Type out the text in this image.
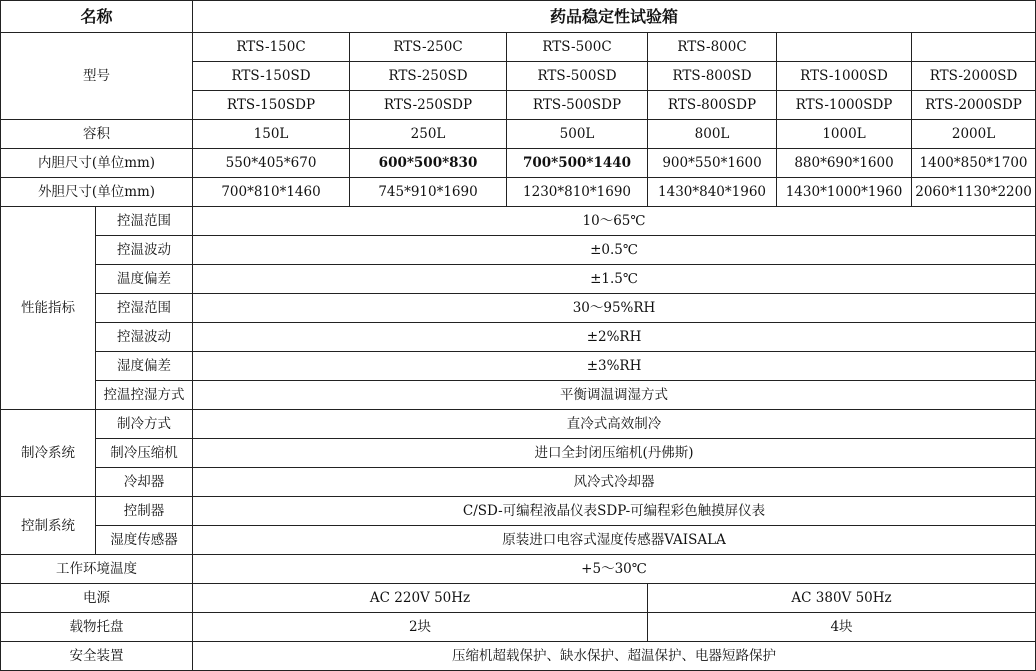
名称		药品稳定性试验箱					
型号		RTS-150C	RTS-250C	RTS-500C	RTS-800C		
		RTS-150SD	RTS-250SD	RTS-500SD	RTS-800SD	RTS-1000SD	RTS-2000SD
		RTS-150SDP	RTS-250SDP	RTS-500SDP	RTS-800SDP	RTS-1000SDP	RTS-2000SDP
容积		150L	250L	500L	800L	1000L	2000L
内胆尺寸(单位mm)		550*405*670	600*500*830	700*500*1440	900*550*1600	880*690*1600	1400*850*1700
外胆尺寸(单位mm)		700*810*1460	745*910*1690	1230*810*1690	1430*840*1960	1430*1000*1960	2060*1130*2200
性能指标	控温范围	10～65℃					
	控温波动	±0.5℃					
	温度偏差	±1.5℃					
	控湿范围	30～95%RH					
	控湿波动	±2%RH					
	湿度偏差	±3%RH					
	控温控湿方式	平衡调温调湿方式					
制冷系统	制冷方式	直冷式高效制冷					
	制冷压缩机	进口全封闭压缩机(丹佛斯)					
	冷却器	风冷式冷却器					
控制系统	控制器	C/SD-可编程液晶仪表SDP-可编程彩色触摸屏仪表					
	湿度传感器	原装进口电容式湿度传感器VAISALA					
工作环境温度		+5～30℃					
电源		AC 220V 50Hz			AC 380V 50Hz		
载物托盘		2块			4块		
安全装置		压缩机超载保护、缺水保护、超温保护、电器短路保护					
